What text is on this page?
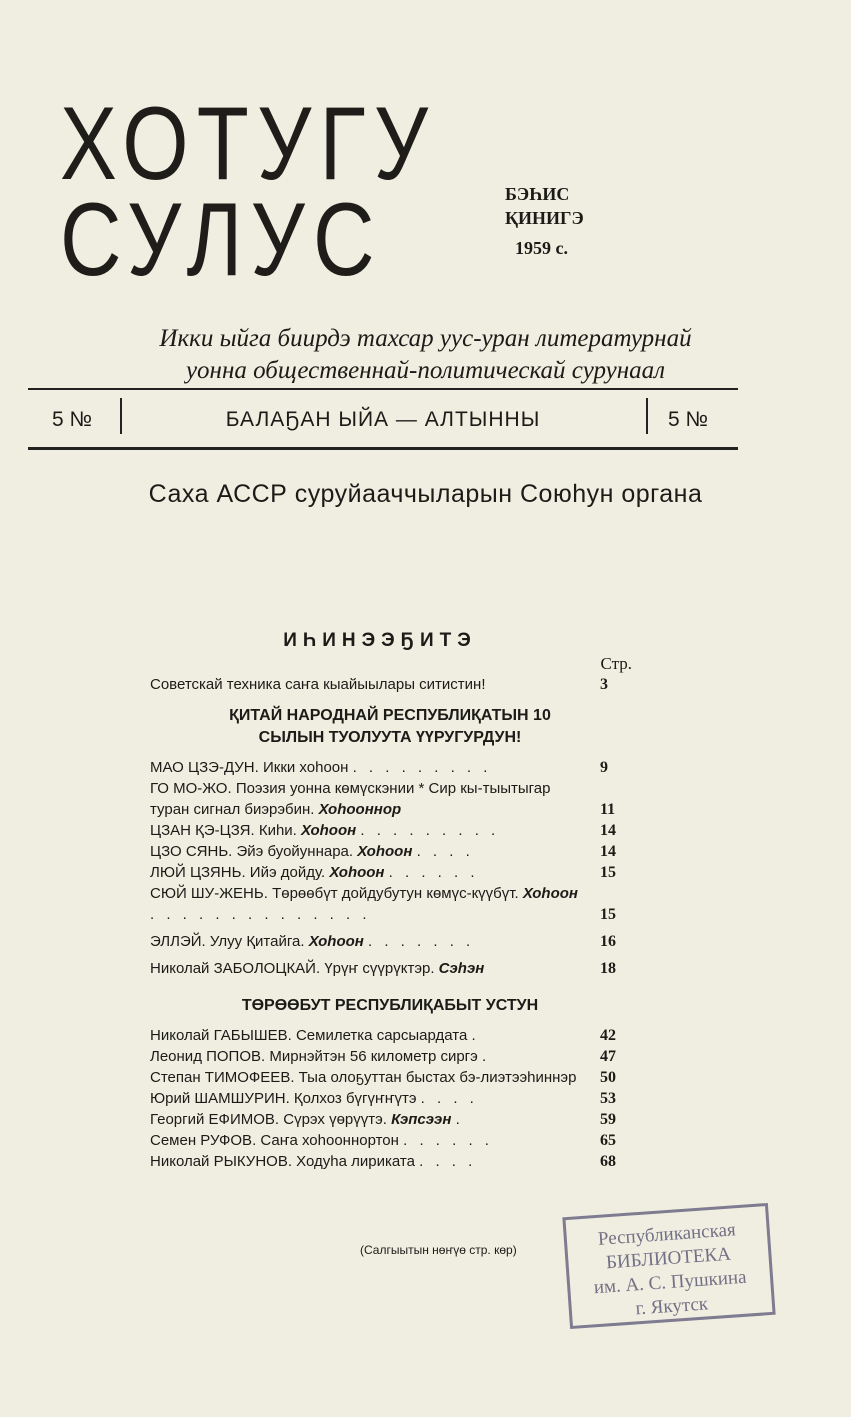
ХОТУГУ
СУЛУС	БЭҺИС
ҚИНИГЭ
1959 с.
Икки ыйга биирдэ тахсар уус-уран литературнай
уонна общественнай-политическай сурунаал
5 №	БАЛАҔАН ЫЙА — АЛТЫННЫ	5 №
Саха АССР суруйааччыларын Союһун органа
ИҺИНЭЭҔИТЭ
Стр.
Советскай техника саҥа кыайыылары ситистин!	3
ҚИТАЙ НАРОДНАЙ РЕСПУБЛИҚАТЫН 10
СЫЛЫН ТУОЛУУТА ҮҮРУГУРДУН!
МАО ЦЗЭ-ДУН. Икки хоһоон . . . . . . . . .	9
ГО МО-ЖО. Поэзия уонна көмүскэнии * Сир кы-тыытыгар туран сигнал биэрэбин. Хоһооннор	11
ЦЗАН ҚЭ-ЦЗЯ. Киһи. Хоһоон . . . . . . . . .	14
ЦЗО СЯНЬ. Эйэ буойуннара. Хоһоон . . . .	14
ЛЮЙ ЦЗЯНЬ. Ийэ дойду. Хоһоон . . . . . .	15
СЮЙ ШУ-ЖЕНЬ. Төрөөбүт дойдубутун көмүс-күүбүт. Хоһоон . . . . . . . . . . . . . .	15
ЭЛЛЭЙ. Улуу Қитайга. Хоһоон . . . . . . .	16
Николай ЗАБОЛОЦКАЙ. Үрүҥ сүүрүктэр. Сэһэн	18
ТӨРӨӨБУТ РЕСПУБЛИҚАБЫТ УСТУН
Николай ГАБЫШЕВ. Семилетка сарсыардата .	42
Леонид ПОПОВ. Мирнэйтэн 56 километр сиргэ .	47
Степан ТИМОФЕЕВ. Тыа олоҕуттан быстах бэ-лиэтээһиннэр 50
Юрий ШАМШУРИН. Қолхоз бүгүҥҥүтэ . . . .	53
Георгий ЕФИМОВ. Сүрэх үөрүүтэ. Кэпсээн .	59
Семен РУФОВ. Саҥа хоһооннортон . . . . . .	65
Николай РЫКУНОВ. Ходуһа лириката . . . .	68
(Салгыытын нөҥүө стр. көр)
Республиканская
БИБЛИОТЕКА
им. А. С. Пушкина
г. Якутск
